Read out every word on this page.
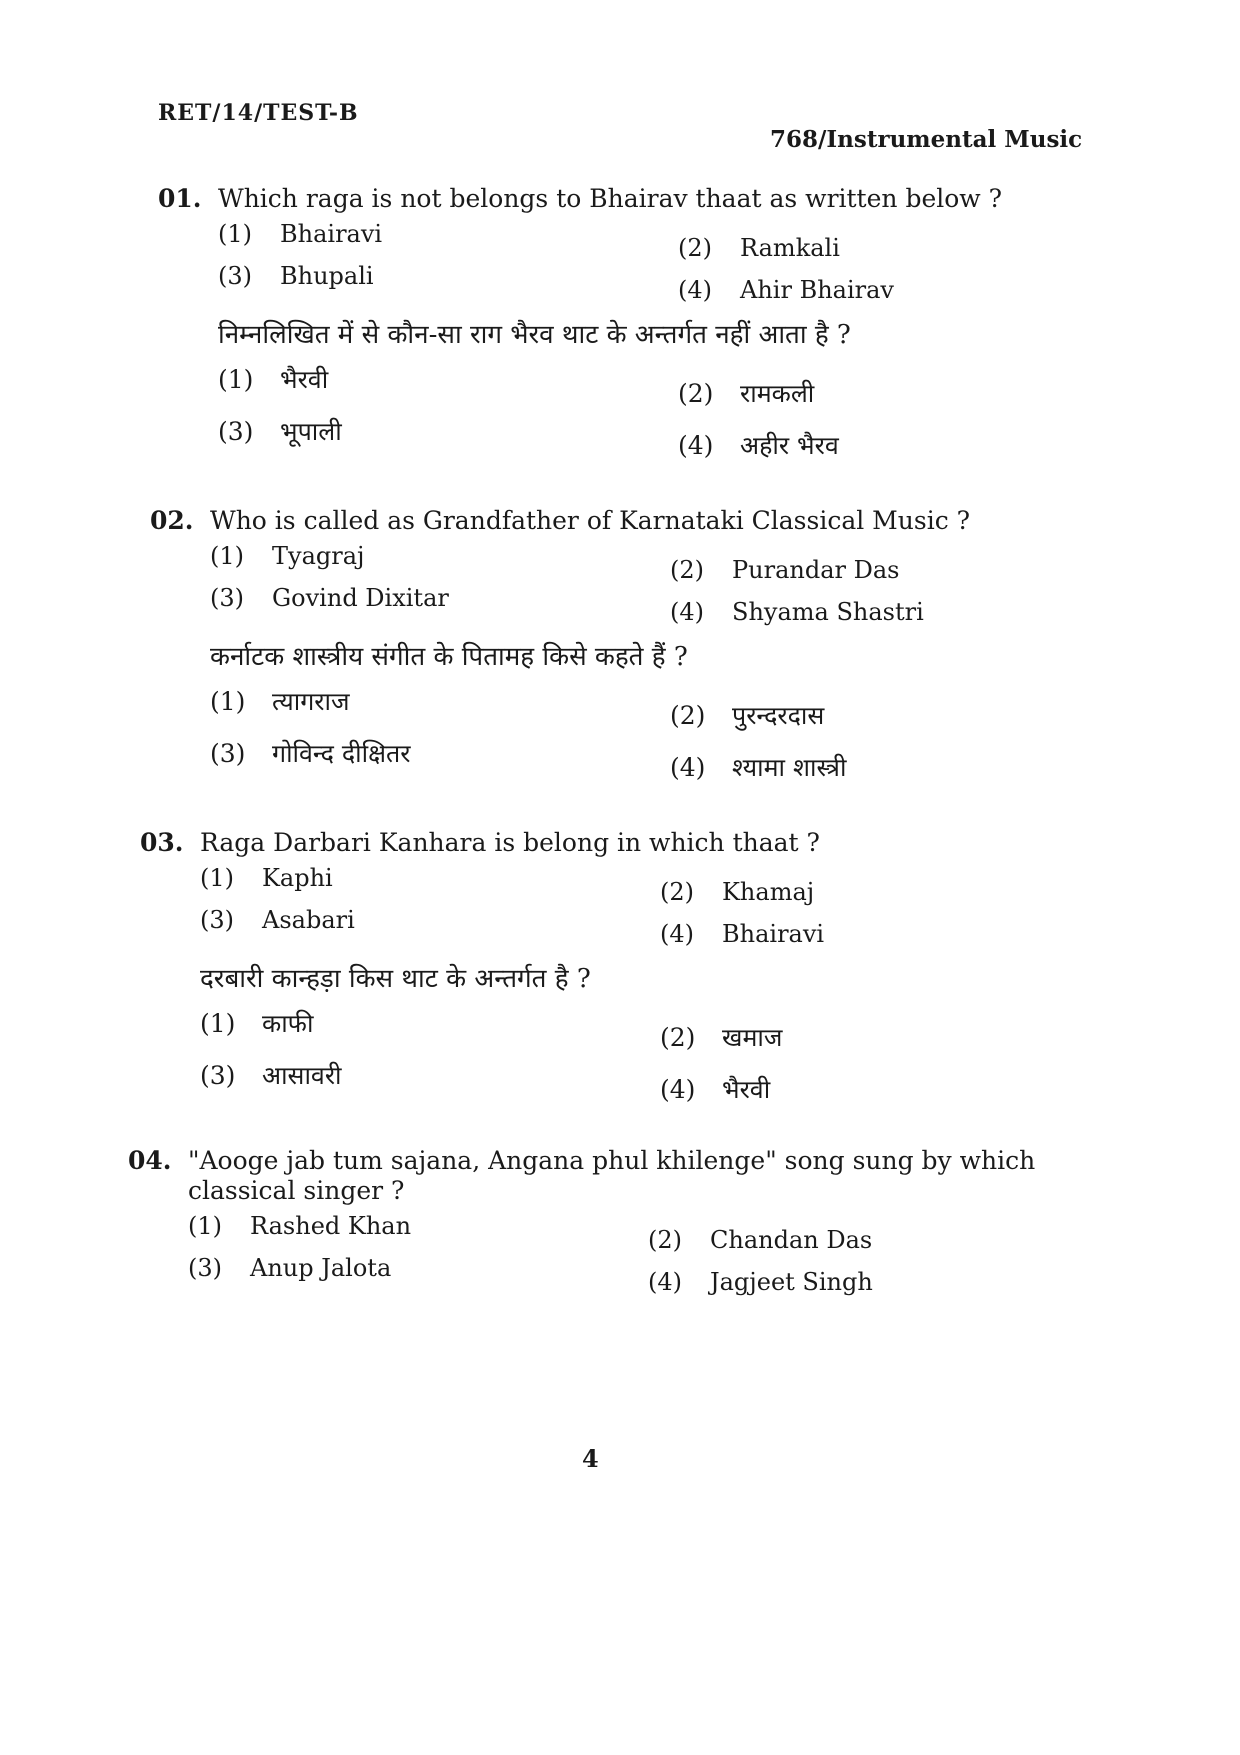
RET/14/TEST-B
768/Instrumental Music
01. Which raga is not belongs to Bhairav thaat as written below ?
(1)	Bhairavi	(2)	Ramkali
(3)	Bhupali	(4)	Ahir Bhairav
निम्नलिखित में से कौन-सा राग भैरव थाट के अन्तर्गत नहीं आता है ?
(1)	भैरवी	(2)	रामकली
(3)	भूपाली	(4)	अहीर भैरव
02. Who is called as Grandfather of Karnataki Classical Music ?
(1)	Tyagraj	(2)	Purandar Das
(3)	Govind Dixitar	(4)	Shyama Shastri
कर्नाटक शास्त्रीय संगीत के पितामह किसे कहते हैं ?
(1)	त्यागराज	(2)	पुरन्दरदास
(3)	गोविन्द दीक्षितर	(4)	श्यामा शास्त्री
03. Raga Darbari Kanhara is belong in which thaat ?
(1)	Kaphi	(2)	Khamaj
(3)	Asabari	(4)	Bhairavi
दरबारी कान्हड़ा किस थाट के अन्तर्गत है ?
(1)	काफी	(2)	खमाज
(3)	आसावरी	(4)	भैरवी
04. "Aooge jab tum sajana, Angana phul khilenge" song sung by which classical singer ?
(1)	Rashed Khan	(2)	Chandan Das
(3)	Anup Jalota	(4)	Jagjeet Singh
4
